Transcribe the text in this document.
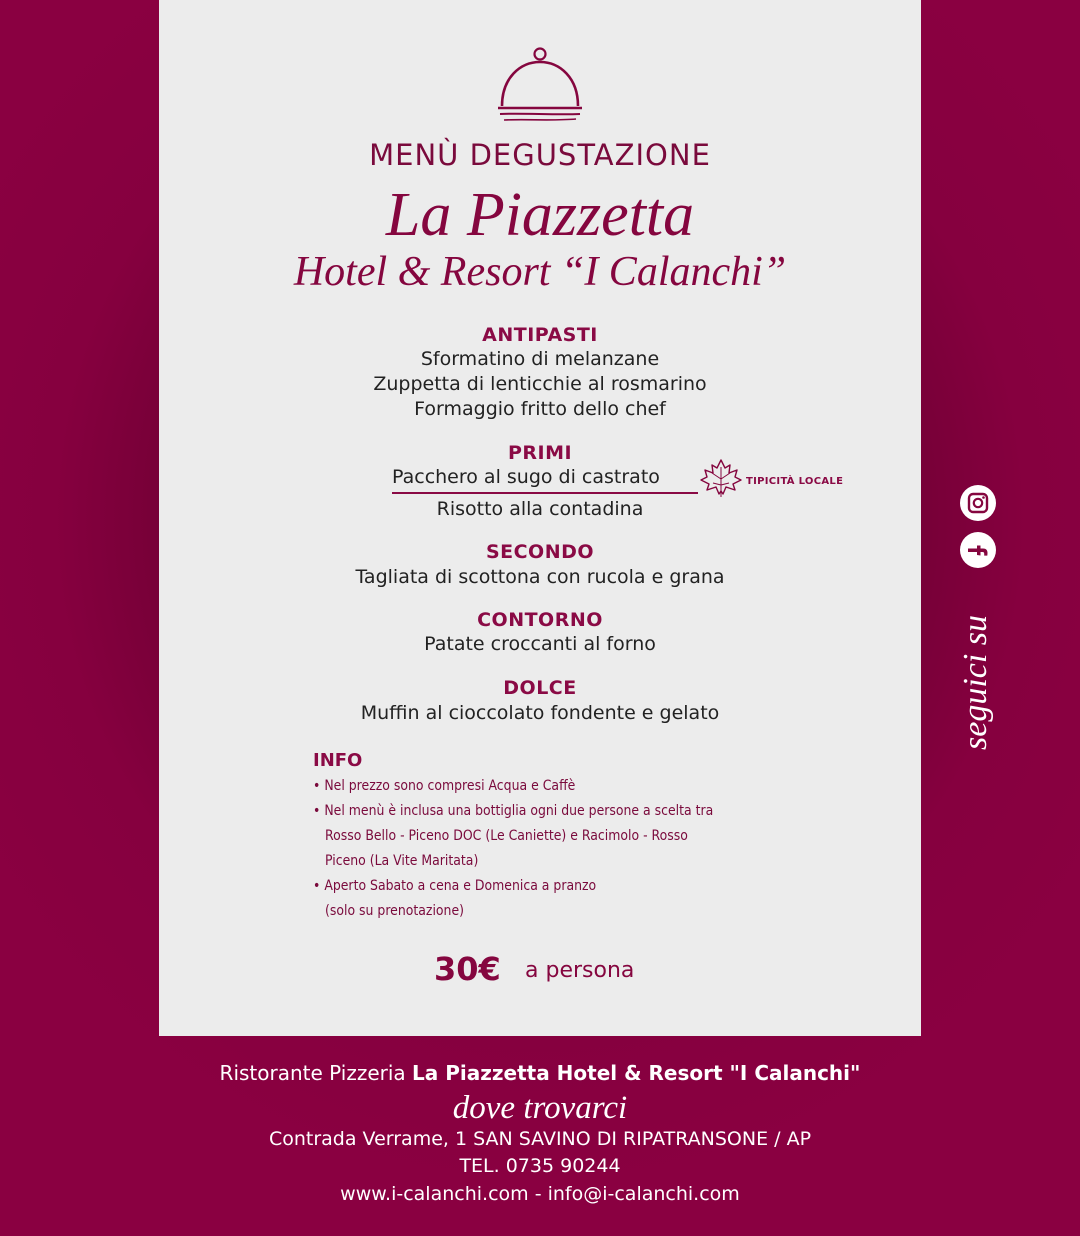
MENÙ DEGUSTAZIONE
La Piazzetta
Hotel & Resort “I Calanchi”
ANTIPASTI
Sformatino di melanzane
Zuppetta di lenticchie al rosmarino
Formaggio fritto dello chef
PRIMI
Pacchero al sugo di castrato	TIPICITÀ LOCALE
Risotto alla contadina
SECONDO
Tagliata di scottona con rucola e grana
CONTORNO
Patate croccanti al forno
DOLCE
Muffin al cioccolato fondente e gelato
INFO
• Nel prezzo sono compresi Acqua e Caffè
• Nel menù è inclusa una bottiglia ogni due persone a scelta tra
Rosso Bello - Piceno DOC (Le Caniette) e Racimolo - Rosso
Piceno (La Vite Maritata)
• Aperto Sabato a cena e Domenica a pranzo
(solo su prenotazione)
30€ a persona
seguici su
Ristorante Pizzeria La Piazzetta Hotel & Resort "I Calanchi"
dove trovarci
Contrada Verrame, 1 SAN SAVINO DI RIPATRANSONE / AP
TEL. 0735 90244
www.i-calanchi.com - info@i-calanchi.com
